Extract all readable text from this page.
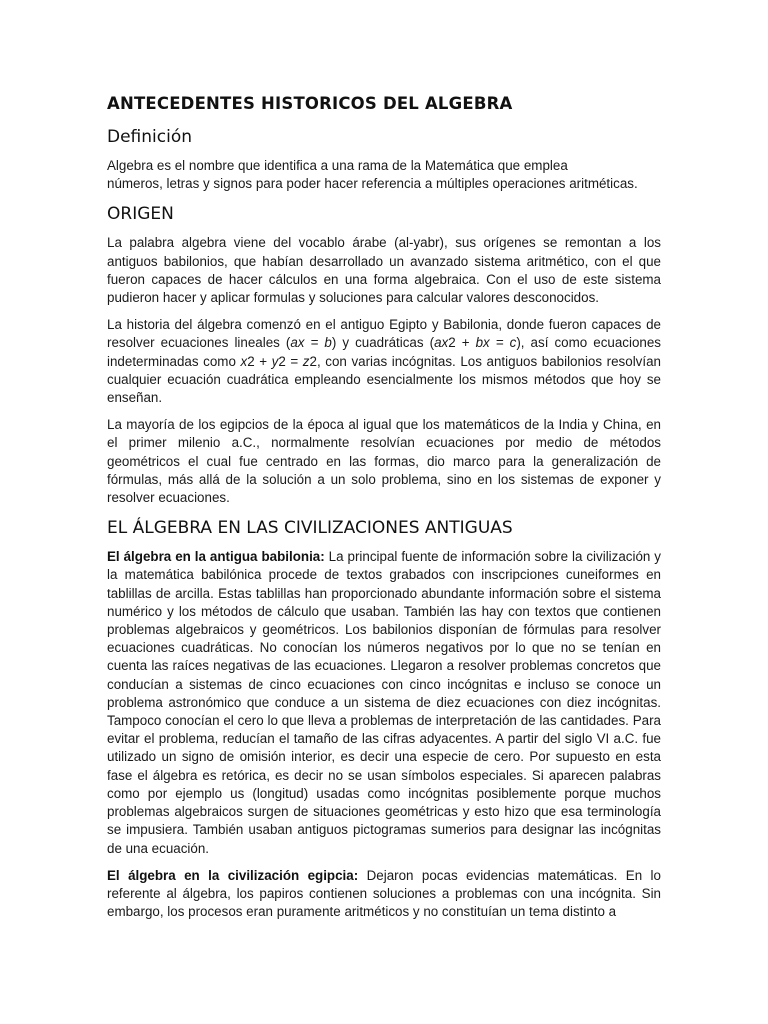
ANTECEDENTES HISTORICOS DEL ALGEBRA
Definición

Algebra es el nombre que identifica a una rama de la Matemática que emplea
números, letras y signos para poder hacer referencia a múltiples operaciones aritméticas.

ORIGEN

La palabra algebra viene del vocablo árabe (al-yabr), sus orígenes se remontan a los antiguos babilonios, que habían desarrollado un avanzado sistema aritmético, con el que fueron capaces de hacer cálculos en una forma algebraica. Con el uso de este sistema pudieron hacer y aplicar formulas y soluciones para calcular valores desconocidos.

La historia del álgebra comenzó en el antiguo Egipto y Babilonia, donde fueron capaces de resolver ecuaciones lineales (ax = b) y cuadráticas (ax2 + bx = c), así como ecuaciones indeterminadas como x2 + y2 = z2, con varias incógnitas. Los antiguos babilonios resolvían cualquier ecuación cuadrática empleando esencialmente los mismos métodos que hoy se enseñan.

La mayoría de los egipcios de la época al igual que los matemáticos de la India y China, en el primer milenio a.C., normalmente resolvían ecuaciones por medio de métodos geométricos el cual fue centrado en las formas, dio marco para la generalización de fórmulas, más allá de la solución a un solo problema, sino en los sistemas de exponer y resolver ecuaciones.

EL ÁLGEBRA EN LAS CIVILIZACIONES ANTIGUAS

El álgebra en la antigua babilonia: La principal fuente de información sobre la civilización y la matemática babilónica procede de textos grabados con inscripciones cuneiformes en tablillas de arcilla. Estas tablillas han proporcionado abundante información sobre el sistema numérico y los métodos de cálculo que usaban. También las hay con textos que contienen problemas algebraicos y geométricos. Los babilonios disponían de fórmulas para resolver ecuaciones cuadráticas. No conocían los números negativos por lo que no se tenían en cuenta las raíces negativas de las ecuaciones. Llegaron a resolver problemas concretos que conducían a sistemas de cinco ecuaciones con cinco incógnitas e incluso se conoce un problema astronómico que conduce a un sistema de diez ecuaciones con diez incógnitas. Tampoco conocían el cero lo que lleva a problemas de interpretación de las cantidades. Para evitar el problema, reducían el tamaño de las cifras adyacentes. A partir del siglo VI a.C. fue utilizado un signo de omisión interior, es decir una especie de cero. Por supuesto en esta fase el álgebra es retórica, es decir no se usan símbolos especiales. Si aparecen palabras como por ejemplo us (longitud) usadas como incógnitas posiblemente porque muchos problemas algebraicos surgen de situaciones geométricas y esto hizo que esa terminología se impusiera. También usaban antiguos pictogramas sumerios para designar las incógnitas de una ecuación.

El álgebra en la civilización egipcia: Dejaron pocas evidencias matemáticas. En lo referente al álgebra, los papiros contienen soluciones a problemas con una incógnita. Sin embargo, los procesos eran puramente aritméticos y no constituían un tema distinto a
